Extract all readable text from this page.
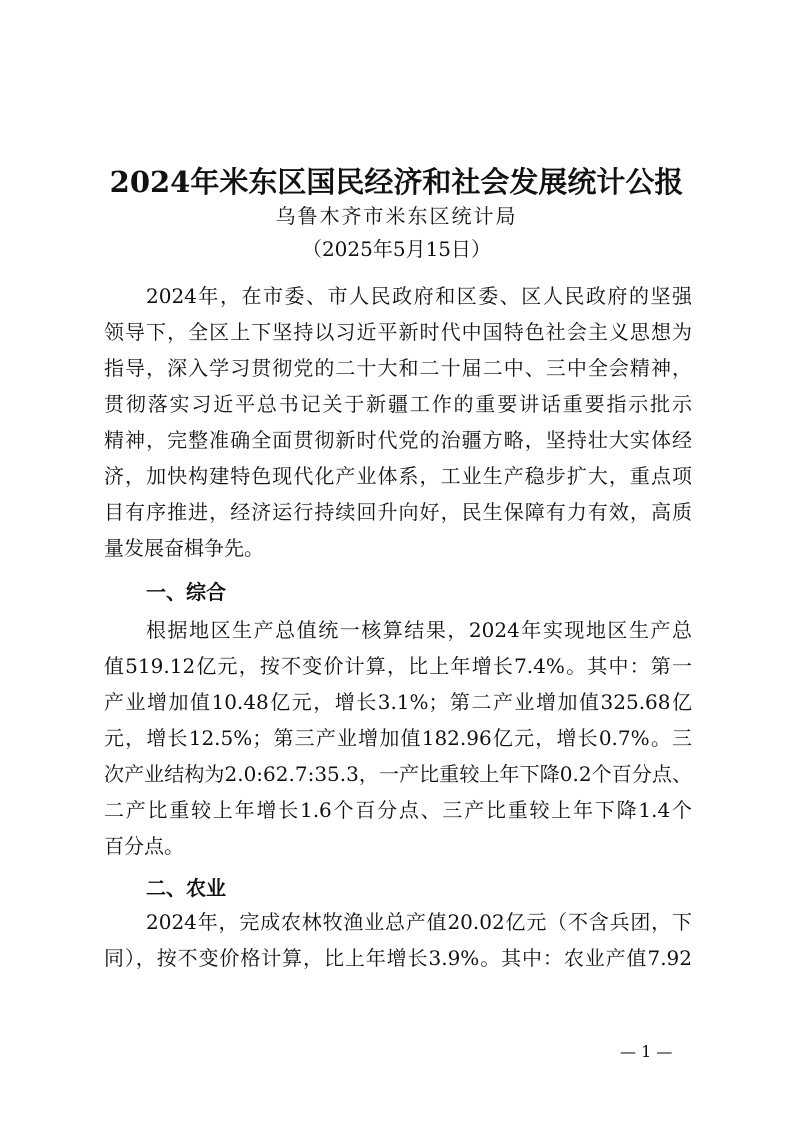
2024年米东区国民经济和社会发展统计公报
乌鲁木齐市米东区统计局
（2025年5月15日）
2024年，在市委、市人民政府和区委、区人民政府的坚强
领导下，全区上下坚持以习近平新时代中国特色社会主义思想为
指导，深入学习贯彻党的二十大和二十届二中、三中全会精神，
贯彻落实习近平总书记关于新疆工作的重要讲话重要指示批示
精神，完整准确全面贯彻新时代党的治疆方略，坚持壮大实体经
济，加快构建特色现代化产业体系，工业生产稳步扩大，重点项
目有序推进，经济运行持续回升向好，民生保障有力有效，高质
量发展奋楫争先。
一、综合
根据地区生产总值统一核算结果，2024年实现地区生产总
值519.12亿元，按不变价计算，比上年增长7.4%。其中：第一
产业增加值10.48亿元，增长3.1%；第二产业增加值325.68亿
元，增长12.5%；第三产业增加值182.96亿元，增长0.7%。三
次产业结构为2.0:62.7:35.3，一产比重较上年下降0.2个百分点、
二产比重较上年增长1.6个百分点、三产比重较上年下降1.4个
百分点。
二、农业
2024年，完成农林牧渔业总产值20.02亿元（不含兵团，下
同），按不变价格计算，比上年增长3.9%。其中：农业产值7.92
— 1 —
